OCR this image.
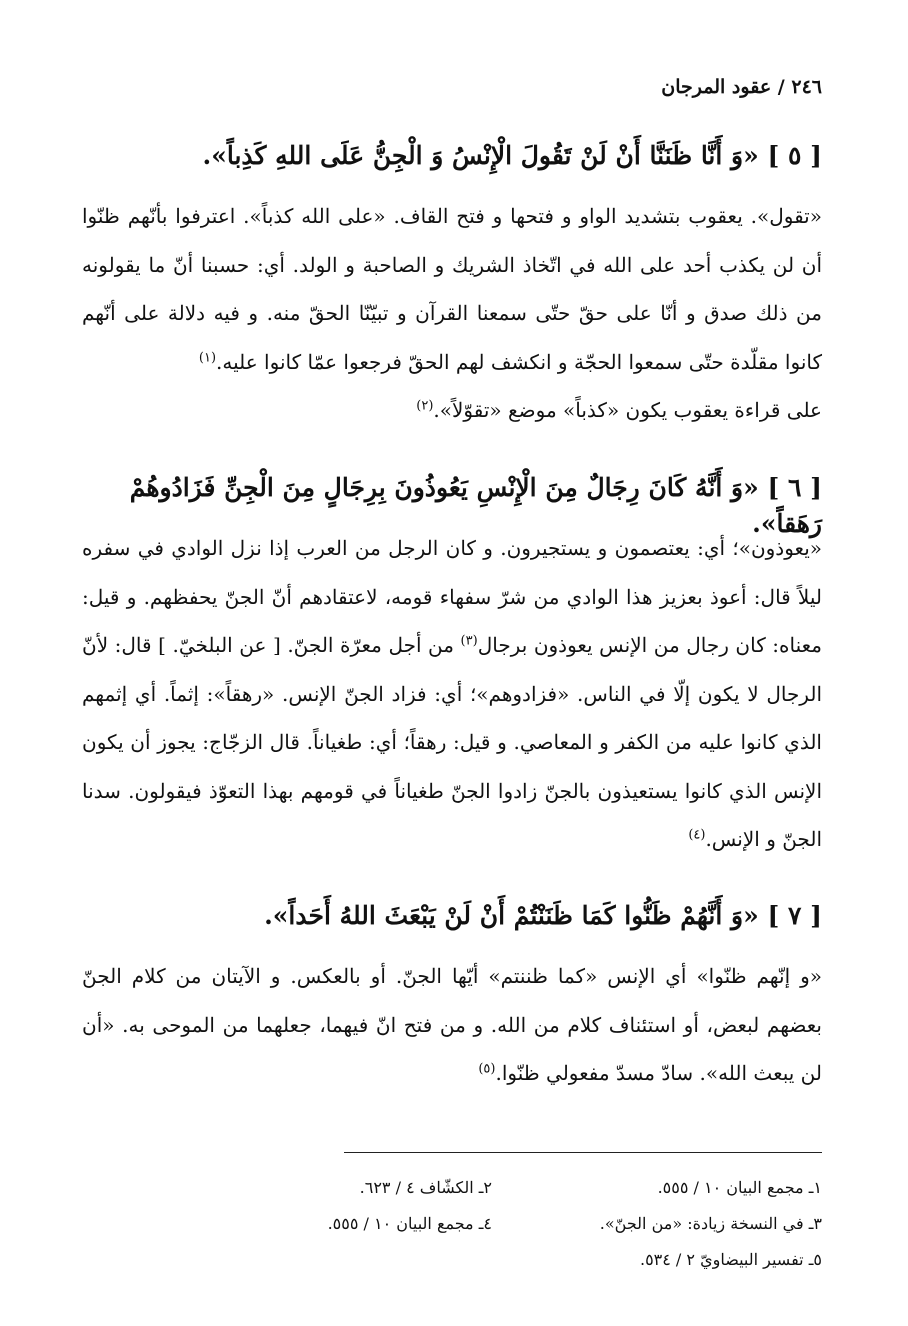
٢٤٦ / عقود المرجان
[ ٥ ] «وَ أَنَّا ظَنَنَّا أَنْ لَنْ تَقُولَ الْإِنْسُ وَ الْجِنُّ عَلَى اللهِ كَذِباً».

«تقول». يعقوب بتشديد الواو و فتحها و فتح القاف. «على الله كذباً». اعترفوا بأنّهم ظنّوا أن لن يكذب أحد على الله في اتّخاذ الشريك و الصاحبة و الولد. أي: حسبنا أنّ ما يقولونه من ذلك صدق و أنّا على حقّ حتّى سمعنا القرآن و تبيّنّا الحقّ منه. و فيه دلالة على أنّهم كانوا مقلّدة حتّى سمعوا الحجّة و انكشف لهم الحقّ فرجعوا عمّا كانوا عليه.$^{(١)}$

على قراءة يعقوب يكون «كذباً» موضع «تقوّلاً».$^{(٢)}$

[ ٦ ] «وَ أَنَّهُ كَانَ رِجَالٌ مِنَ الْإِنْسِ يَعُوذُونَ بِرِجَالٍ مِنَ الْجِنِّ فَزَادُوهُمْ رَهَقاً».

«يعوذون»؛ أي: يعتصمون و يستجيرون. و كان الرجل من العرب إذا نزل الوادي في سفره ليلاً قال: أعوذ بعزيز هذا الوادي من شرّ سفهاء قومه، لاعتقادهم أنّ الجنّ يحفظهم. و قيل: معناه: كان رجال من الإنس يعوذون برجال$^{(٣)}$ من أجل معرّة الجنّ. [ عن البلخيّ. ] قال: لأنّ الرجال لا يكون إلّا في الناس. «فزادوهم»؛ أي: فزاد الجنّ الإنس. «رهقاً»: إثماً. أي إثمهم الذي كانوا عليه من الكفر و المعاصي. و قيل: رهقاً؛ أي: طغياناً. قال الزجّاج: يجوز أن يكون الإنس الذي كانوا يستعيذون بالجنّ زادوا الجنّ طغياناً في قومهم بهذا التعوّذ فيقولون. سدنا الجنّ و الإنس.$^{(٤)}$

[ ٧ ] «وَ أَنَّهُمْ ظَنُّوا كَمَا ظَنَنْتُمْ أَنْ لَنْ يَبْعَثَ اللهُ أَحَداً».

«و إنّهم ظنّوا» أي الإنس «كما ظننتم» أيّها الجنّ. أو بالعكس. و الآيتان من كلام الجنّ بعضهم لبعض، أو استئناف كلام من الله. و من فتح انّ فيهما، جعلهما من الموحى به. «أن لن يبعث الله». سادّ مسدّ مفعولي ظنّوا.$^{(٥)}$

١ـ مجمع البيان ١٠ / ٥٥٥.
٢ـ الكشّاف ٤ / ٦٢٣.
٣ـ في النسخة زيادة: «من الجنّ».
٤ـ مجمع البيان ١٠ / ٥٥٥.
٥ـ تفسير البيضاويّ ٢ / ٥٣٤.
